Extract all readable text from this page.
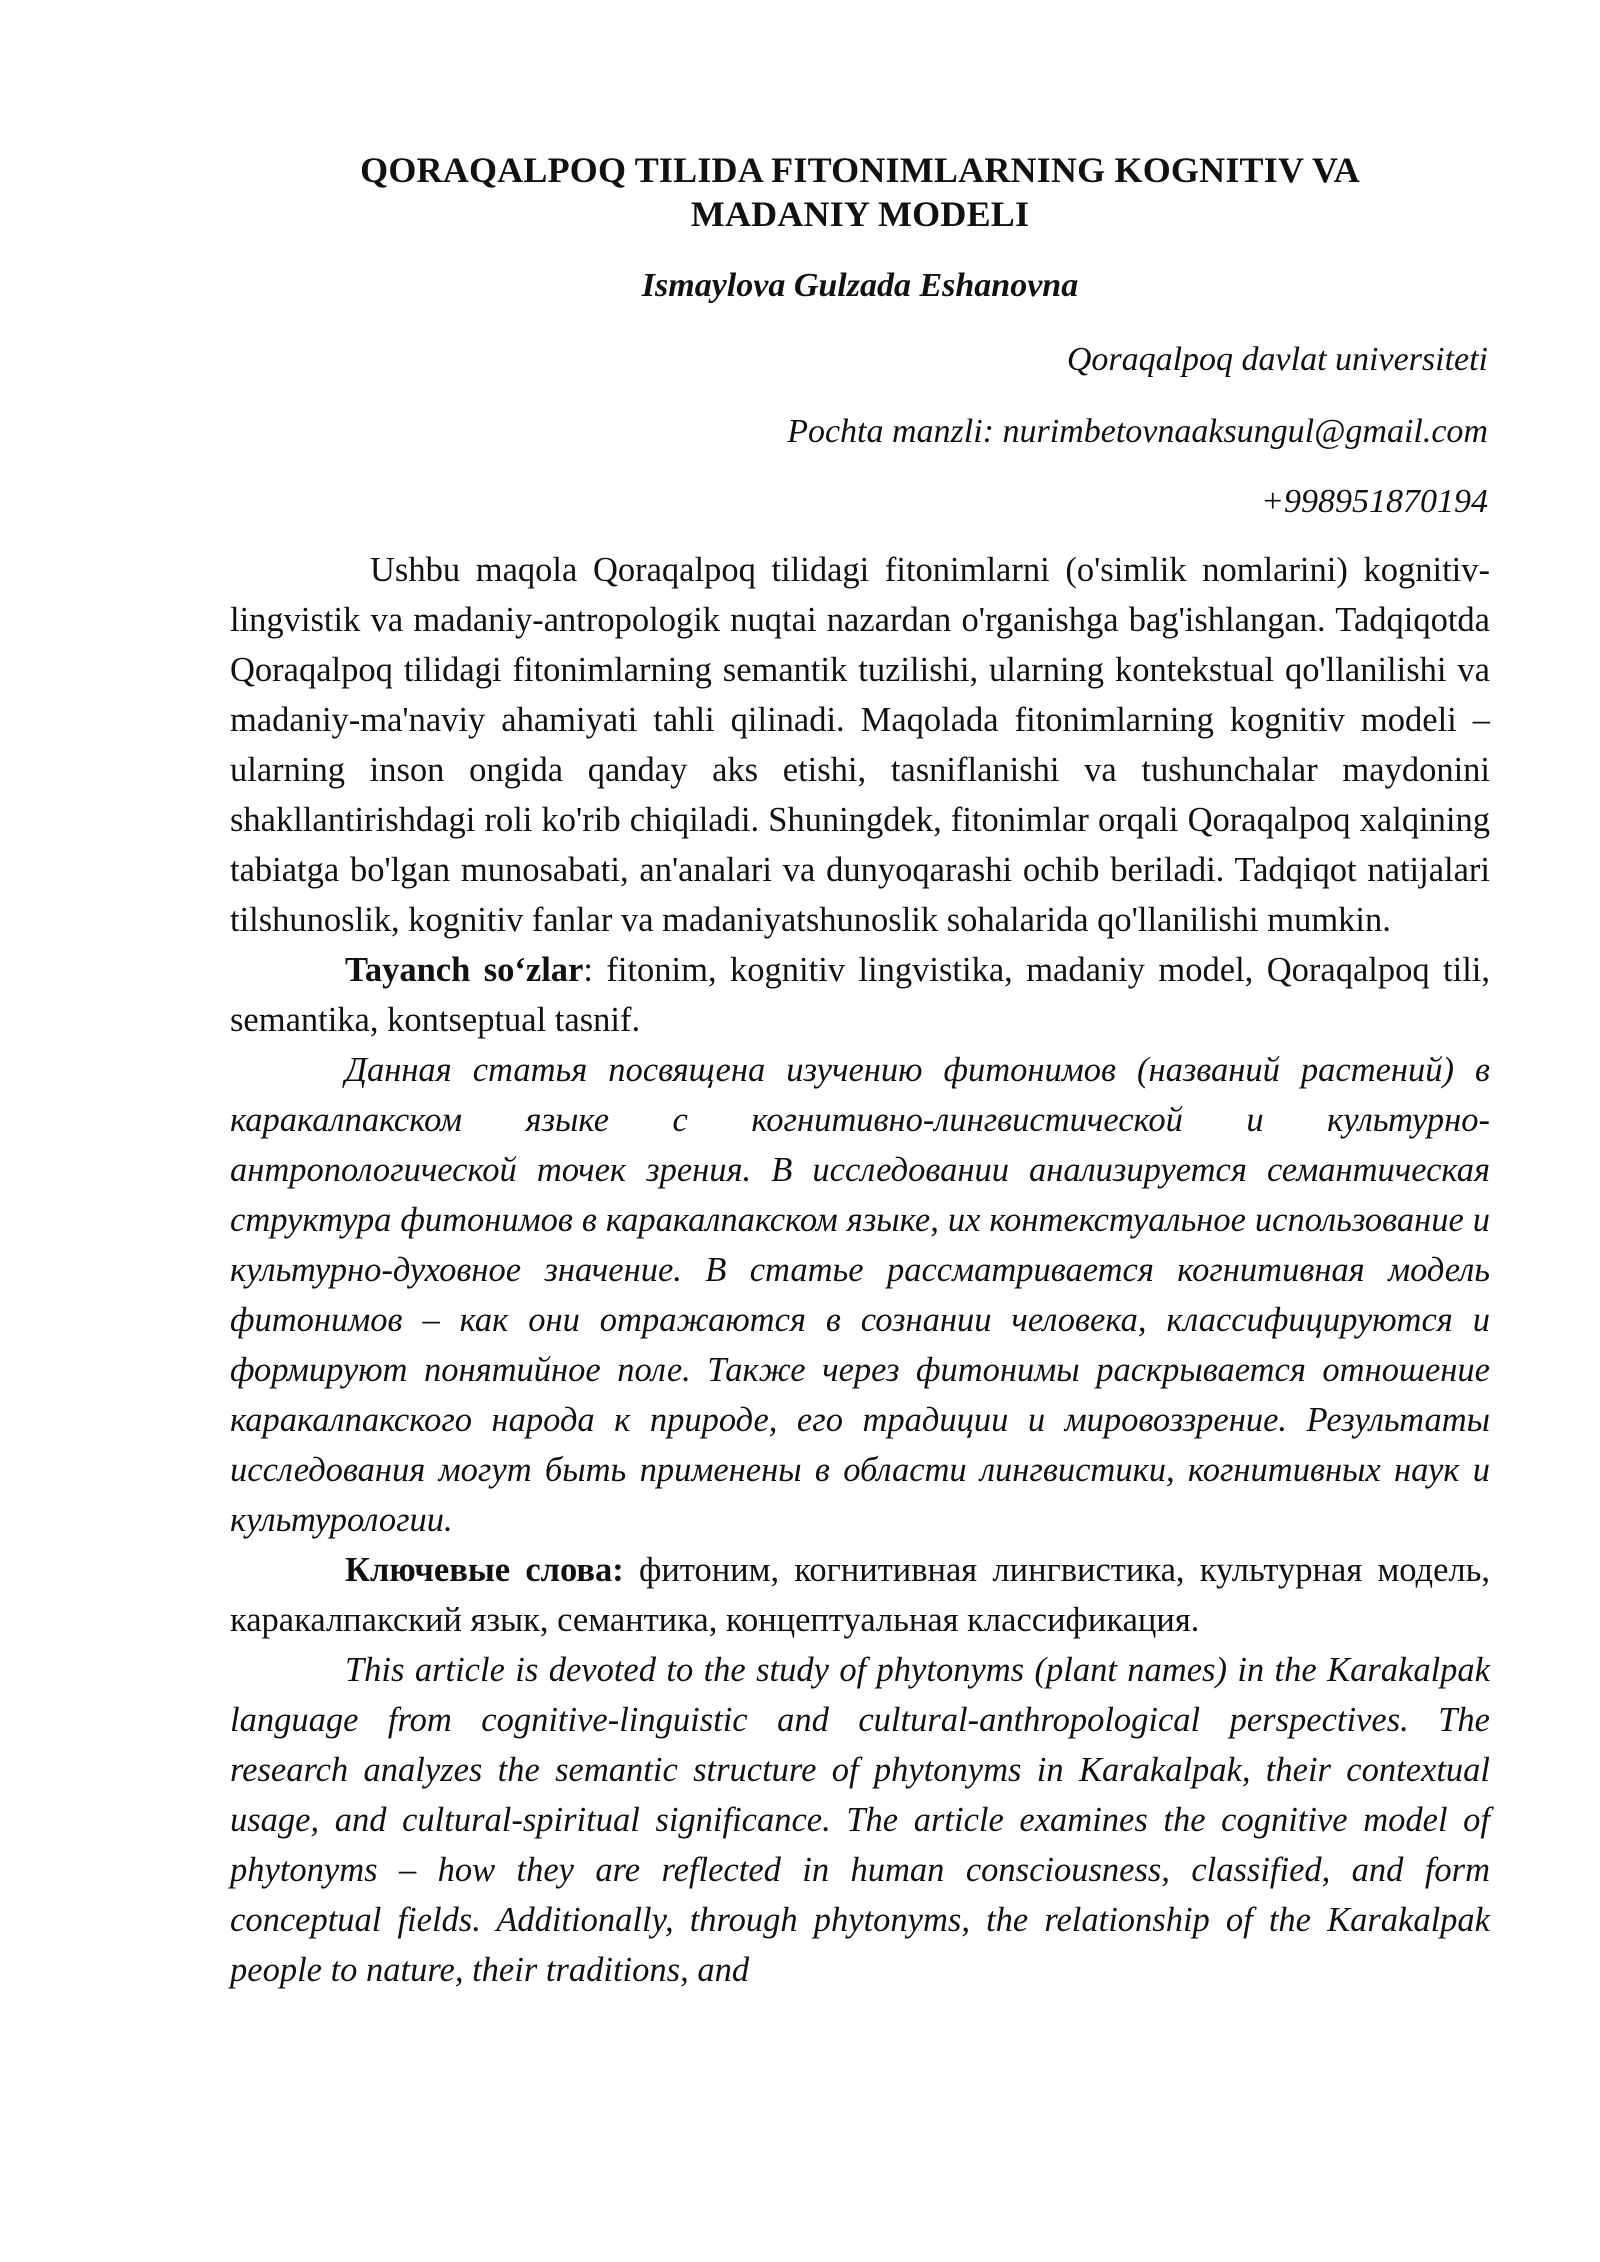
QORAQALPOQ TILIDA FITONIMLARNING KOGNITIV VA
MADANIY MODELI
Ismaylova Gulzada Eshanovna
Qoraqalpoq davlat universiteti
Pochta manzli: nurimbetovnaaksungul@gmail.com
+998951870194

Ushbu maqola Qoraqalpoq tilidagi fitonimlarni (o'simlik nomlarini) kognitiv-lingvistik va madaniy-antropologik nuqtai nazardan o'rganishga bag'ishlangan. Tadqiqotda Qoraqalpoq tilidagi fitonimlarning semantik tuzilishi, ularning kontekstual qo'llanilishi va madaniy-ma'naviy ahamiyati tahli qilinadi. Maqolada fitonimlarning kognitiv modeli – ularning inson ongida qanday aks etishi, tasniflanishi va tushunchalar maydonini shakllantirishdagi roli ko'rib chiqiladi. Shuningdek, fitonimlar orqali Qoraqalpoq xalqining tabiatga bo'lgan munosabati, an'analari va dunyoqarashi ochib beriladi. Tadqiqot natijalari tilshunoslik, kognitiv fanlar va madaniyatshunoslik sohalarida qo'llanilishi mumkin.

Tayanch so‘zlar: fitonim, kognitiv lingvistika, madaniy model, Qoraqalpoq tili, semantika, kontseptual tasnif.

Данная статья посвящена изучению фитонимов (названий растений) в каракалпакском языке с когнитивно-лингвистической и культурно-антропологической точек зрения. В исследовании анализируется семантическая структура фитонимов в каракалпакском языке, их контекстуальное использование и культурно-духовное значение. В статье рассматривается когнитивная модель фитонимов – как они отражаются в сознании человека, классифицируются и формируют понятийное поле. Также через фитонимы раскрывается отношение каракалпакского народа к природе, его традиции и мировоззрение. Результаты исследования могут быть применены в области лингвистики, когнитивных наук и культурологии.

Ключевые слова: фитоним, когнитивная лингвистика, культурная модель, каракалпакский язык, семантика, концептуальная классификация.

This article is devoted to the study of phytonyms (plant names) in the Karakalpak language from cognitive-linguistic and cultural-anthropological perspectives. The research analyzes the semantic structure of phytonyms in Karakalpak, their contextual usage, and cultural-spiritual significance. The article examines the cognitive model of phytonyms – how they are reflected in human consciousness, classified, and form conceptual fields. Additionally, through phytonyms, the relationship of the Karakalpak people to nature, their traditions, and
